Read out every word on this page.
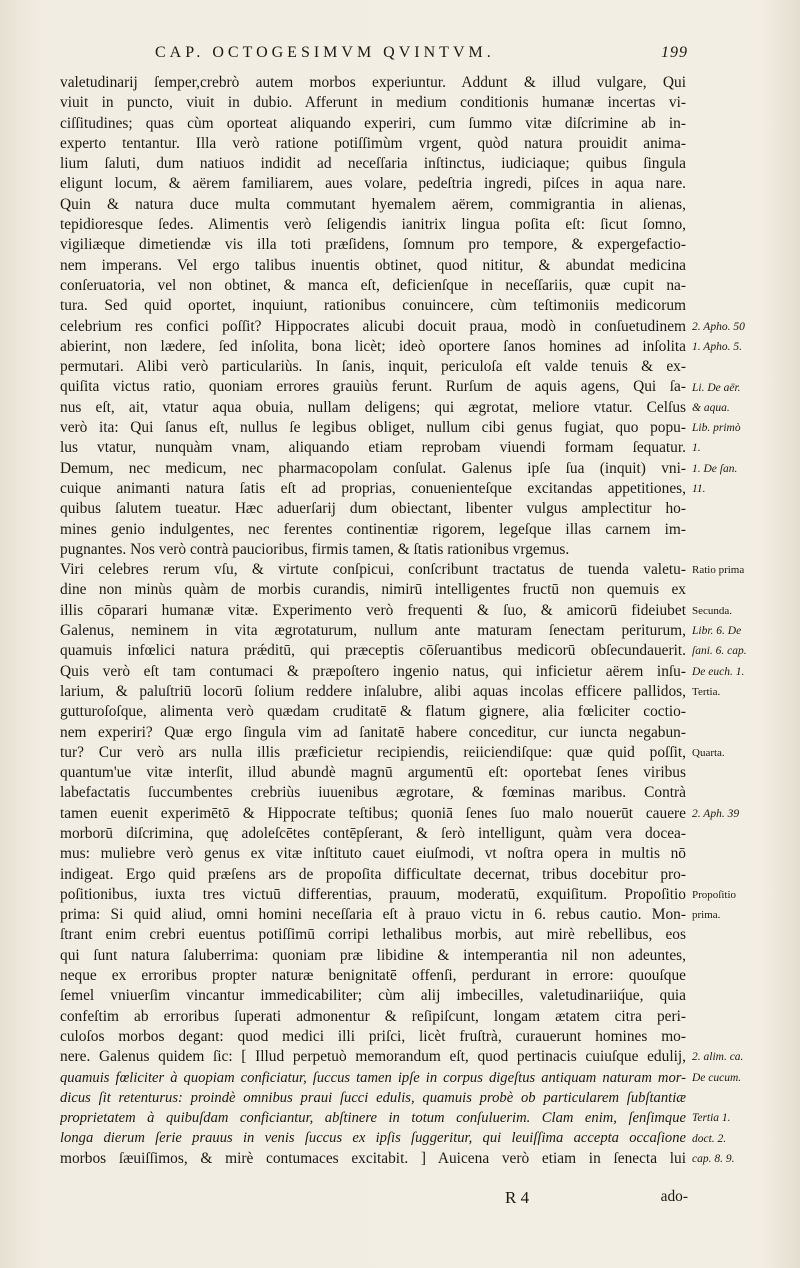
CAP. OCTOGESIMVM QVINTVM.	199
valetudinarij ſemper,crebrò autem morbos experiuntur. Addunt & illud vulgare, Qui
viuit in puncto, viuit in dubio. Afferunt in medium conditionis humanæ incertas vi-
ciſſitudines; quas cùm oporteat aliquando experiri, cum ſummo vitæ diſcrimine ab in-
experto tentantur. Illa verò ratione potiſſimùm vrgent, quòd natura prouidit anima-
lium ſaluti, dum natiuos indidit ad neceſſaria inſtinctus, iudiciaque; quibus ſingula
eligunt locum, & aërem familiarem, aues volare, pedeſtria ingredi, piſces in aqua nare.
Quin & natura duce multa commutant hyemalem aërem, commigrantia in alienas,
tepidioresque ſedes. Alimentis verò ſeligendis ianitrix lingua poſita eſt: ſicut ſomno,
vigiliæque dimetiendæ vis illa toti præſidens, ſomnum pro tempore, & expergefactio-
nem imperans. Vel ergo talibus inuentis obtinet, quod nititur, & abundat medicina
conſeruatoria, vel non obtinet, & manca eſt, deficienſque in neceſſariis, quæ cupit na-
tura. Sed quid oportet, inquiunt, rationibus conuincere, cùm teſtimoniis medicorum
celebrium res confici poſſit? Hippocrates alicubi docuit praua, modò in conſuetudinem
abierint, non lædere, ſed inſolita, bona licèt; ideò oportere ſanos homines ad inſolita
permutari. Alibi verò particulariùs. In ſanis, inquit, periculoſa eſt valde tenuis & ex-
quiſita victus ratio, quoniam errores grauiùs ferunt. Rurſum de aquis agens, Qui ſa-
nus eſt, ait, vtatur aqua obuia, nullam deligens; qui ægrotat, meliore vtatur. Celſus
verò ita: Qui ſanus eſt, nullus ſe legibus obliget, nullum cibi genus fugiat, quo popu-
lus vtatur, nunquàm vnam, aliquando etiam reprobam viuendi formam ſequatur.
Demum, nec medicum, nec pharmacopolam conſulat. Galenus ipſe ſua (inquit) vni-
cuique animanti natura ſatis eſt ad proprias, conuenienteſque excitandas appetitiones,
quibus ſalutem tueatur. Hæc aduerſarij dum obiectant, libenter vulgus amplectitur ho-
mines genio indulgentes, nec ferentes continentiæ rigorem, legeſque illas carnem im-
pugnantes. Nos verò contrà paucioribus, firmis tamen, & ſtatis rationibus vrgemus.
Viri celebres rerum vſu, & virtute conſpicui, conſcribunt tractatus de tuenda valetu-
dine non minùs quàm de morbis curandis, nimirū intelligentes fructū non quemuis ex
illis cōparari humanæ vitæ. Experimento verò frequenti & ſuo, & amicorū fideiubet
Galenus, neminem in vita ægrotaturum, nullum ante maturam ſenectam periturum,
quamuis infœlici natura prǽditū, qui præceptis cōſeruantibus medicorū obſecundauerit.
Quis verò eſt tam contumaci & præpoſtero ingenio natus, qui inficietur aërem inſu-
larium, & paluſtriū locorū ſolium reddere inſalubre, alibi aquas incolas efficere pallidos,
gutturoſoſque, alimenta verò quædam cruditatē & flatum gignere, alia fœliciter coctio-
nem experiri? Quæ ergo ſingula vim ad ſanitatē habere conceditur, cur iuncta negabun-
tur? Cur verò ars nulla illis præficietur recipiendis, reiiciendiſque: quæ quid poſſit,
quantum'ue vitæ interſit, illud abundè magnū argumentū eſt: oportebat ſenes viribus
labefactatis ſuccumbentes crebriùs iuuenibus ægrotare, & fœminas maribus. Contrà
tamen euenit experimētō & Hippocrate teſtibus; quoniā ſenes ſuo malo nouerūt cauere
morborū diſcrimina, quę adoleſcētes contēpſerant, & ſerò intelligunt, quàm vera docea-
mus: muliebre verò genus ex vitæ inſtituto cauet eiuſmodi, vt noſtra opera in multis nō
indigeat. Ergo quid præſens ars de propoſita difficultate decernat, tribus docebitur pro-
poſitionibus, iuxta tres victuū differentias, prauum, moderatū, exquiſitum. Propoſitio
prima: Si quid aliud, omni homini neceſſaria eſt à prauo victu in 6. rebus cautio. Mon-
ſtrant enim crebri euentus potiſſimū corripi lethalibus morbis, aut mirè rebellibus, eos
qui ſunt natura ſaluberrima: quoniam præ libidine & intemperantia nil non adeuntes,
neque ex erroribus propter naturæ benignitatē offenſi, perdurant in errore: quouſque
ſemel vniuerſim vincantur immedicabiliter; cùm alij imbecilles, valetudinariiq́ue, quia
confeſtim ab erroribus ſuperati admonentur & reſipiſcunt, longam ætatem citra peri-
culoſos morbos degant: quod medici illi priſci, licèt fruſtrà, curauerunt homines mo-
nere. Galenus quidem ſic: [ Illud perpetuò memorandum eſt, quod pertinacis cuiuſque edulij,
quamuis fœliciter à quopiam conficiatur, ſuccus tamen ipſe in corpus digeſtus antiquam naturam mor-
dicus ſit retenturus: proindè omnibus praui ſucci edulis, quamuis probè ob particularem ſubſtantiæ
proprietatem à quibuſdam conficiantur, abſtinere in totum conſuluerim. Clam enim, ſenſimque
longa dierum ſerie prauus in venis ſuccus ex ipſis ſuggeritur, qui leuiſſima accepta occaſione
morbos ſæuiſſimos, & mirè contumaces excitabit. ] Auicena verò etiam in ſenecta lui
2. Apho. 50
1. Apho. 5.
Li. De aër.
& aqua.
Lib. primò
1.
1. De ſan.
11.
Ratio prima
Secunda.
Libr. 6. De
ſani. 6. cap.
De euch. 1.
Tertia.
Quarta.
2. Aph. 39
Propoſitio
prima.
2. alim. ca.
De cucum.
Tertia 1.
doct. 2.
cap. 8. 9.
R 4	ado-
